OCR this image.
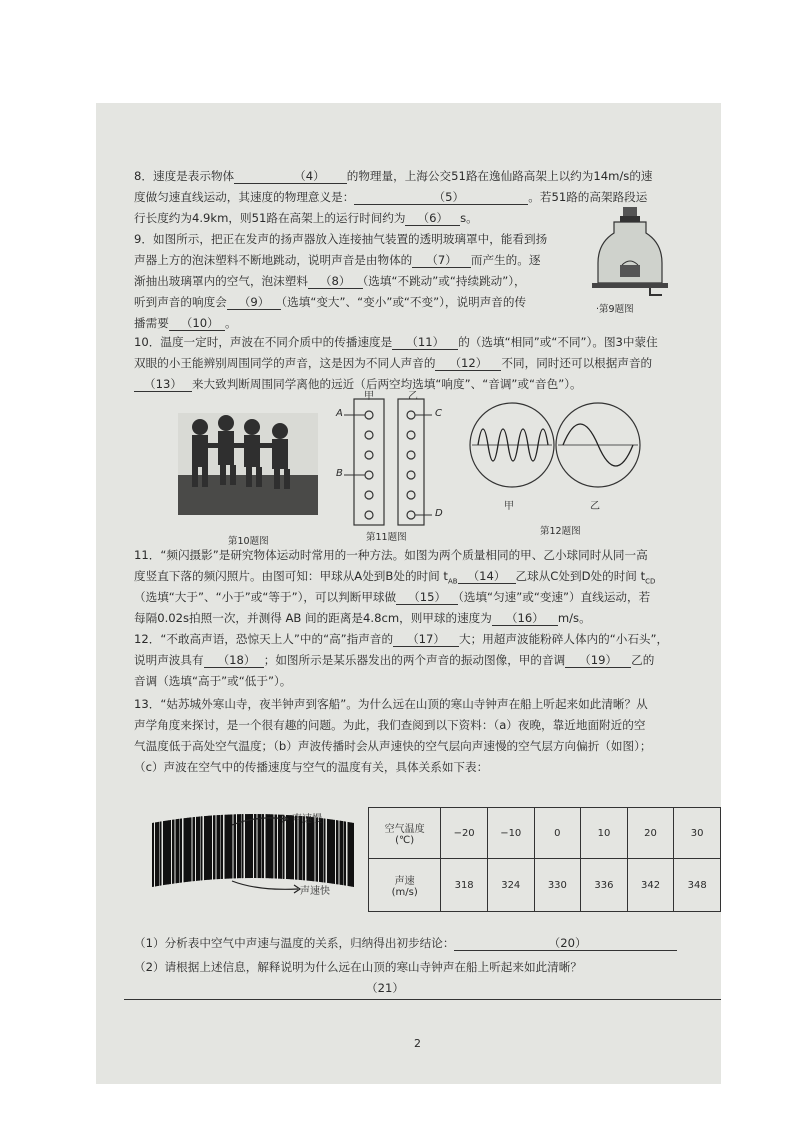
8．速度是表示物体	（4） 的物理量，上海公交51路在逸仙路高架上以约为14m/s的速
度做匀速直线运动，其速度的物理意义是：	（5）	。若51路的高架路段运
行长度约为4.9km，则51路在高架上的运行时间约为 （6） s。
9．如图所示，把正在发声的扬声器放入连接抽气装置的透明玻璃罩中，能看到扬
声器上方的泡沫塑料不断地跳动，说明声音是由物体的 （7） 而产生的。逐
渐抽出玻璃罩内的空气，泡沫塑料 （8） （选填“不跳动”或“持续跳动”），
听到声音的响度会 （9） （选填“变大”、“变小”或“不变”），说明声音的传
播需要 （10） 。
·第9题图
10．温度一定时，声波在不同介质中的传播速度是 （11） 的（选填“相同”或“不同”）。图3中蒙住
双眼的小王能辨别周围同学的声音，这是因为不同人声音的 （12） 不同，同时还可以根据声音的
（13） 来大致判断周围同学离他的远近（后两空均选填“响度”、“音调”或“音色”）。
第10题图
甲	乙
A
B
C
D
第11题图
甲	乙
第12题图
11．“频闪摄影”是研究物体运动时常用的一种方法。如图为两个质量相同的甲、乙小球同时从同一高
度竖直下落的频闪照片。由图可知：甲球从A处到B处的时间 $t_{AB}$ （14） 乙球从C处到D处的时间 $t_{CD}$
（选填“大于”、“小于”或“等于”），可以判断甲球做 （15） （选填“匀速”或“变速”）直线运动，若
每隔0.02s拍照一次，并测得 AB 间的距离是4.8cm，则甲球的速度为 （16） m/s。
12．“不敢高声语，恐惊天上人”中的“高”指声音的 （17） 大；用超声波能粉碎人体内的“小石头”，
说明声波具有 （18） ；如图所示是某乐器发出的两个声音的振动图像，甲的音调 （19） 乙的
音调（选填“高于”或“低于”）。
13．“姑苏城外寒山寺，夜半钟声到客船”。为什么远在山顶的寒山寺钟声在船上听起来如此清晰？从
声学角度来探讨，是一个很有趣的问题。为此，我们查阅到以下资料：（a）夜晚，靠近地面附近的空
气温度低于高处空气温度；（b）声波传播时会从声速快的空气层向声速慢的空气层方向偏折（如图）；
（c）声波在空气中的传播速度与空气的温度有关，具体关系如下表：
声速慢
声速快
空气温度
(℃)	−20	−10	0	10	20	30

声速
(m/s)	318	324	330	336	342	348
（1）分析表中空气中声速与温度的关系，归纳得出初步结论：	（20）
（2）请根据上述信息，解释说明为什么远在山顶的寒山寺钟声在船上听起来如此清晰？
（21）
2
